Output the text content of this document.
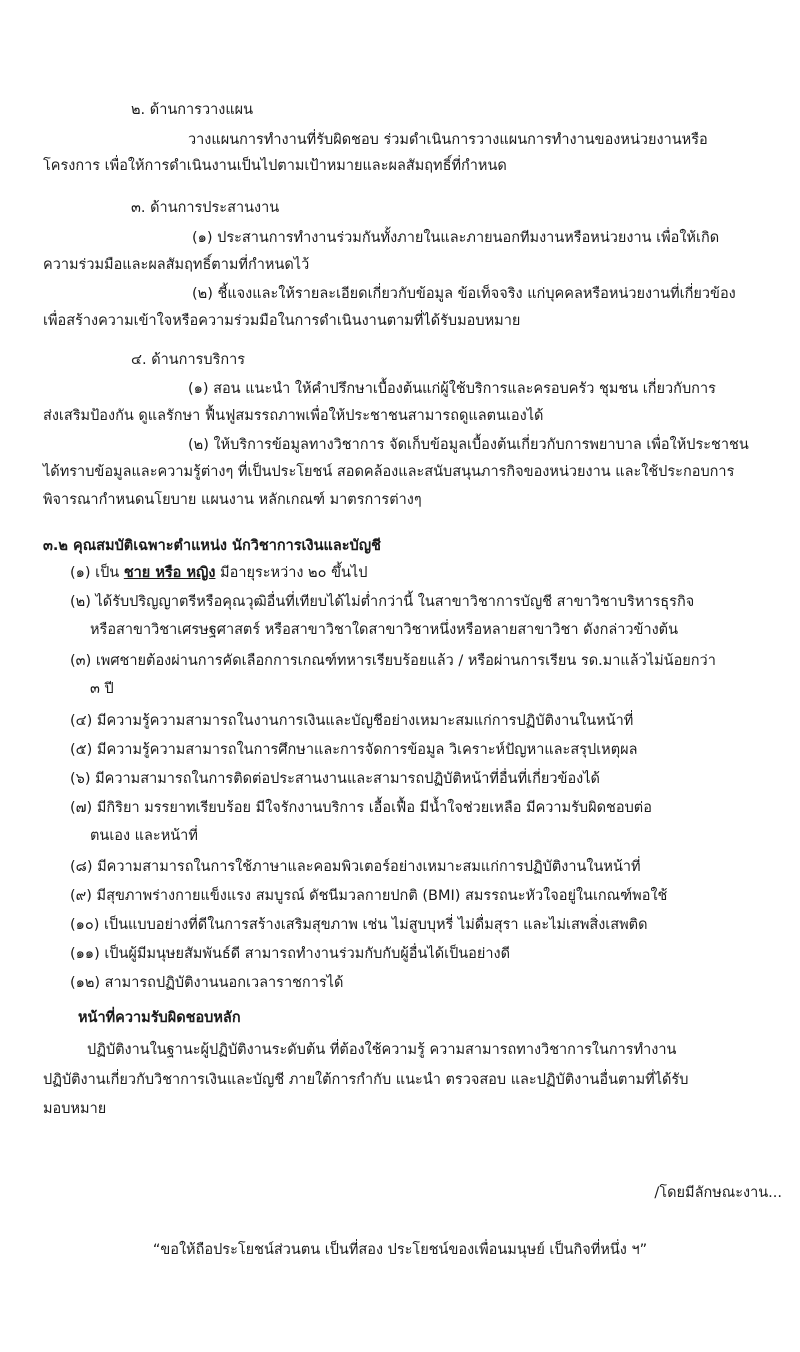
๒. ด้านการวางแผน
วางแผนการทำงานที่รับผิดชอบ ร่วมดำเนินการวางแผนการทำงานของหน่วยงานหรือ
โครงการ เพื่อให้การดำเนินงานเป็นไปตามเป้าหมายและผลสัมฤทธิ์ที่กำหนด
๓. ด้านการประสานงาน
(๑) ประสานการทำงานร่วมกันทั้งภายในและภายนอกทีมงานหรือหน่วยงาน เพื่อให้เกิด
ความร่วมมือและผลสัมฤทธิ์ตามที่กำหนดไว้
(๒) ชี้แจงและให้รายละเอียดเกี่ยวกับข้อมูล ข้อเท็จจริง แก่บุคคลหรือหน่วยงานที่เกี่ยวข้อง
เพื่อสร้างความเข้าใจหรือความร่วมมือในการดำเนินงานตามที่ได้รับมอบหมาย
๔. ด้านการบริการ
(๑) สอน แนะนำ ให้คำปรึกษาเบื้องต้นแก่ผู้ใช้บริการและครอบครัว ชุมชน เกี่ยวกับการ
ส่งเสริมป้องกัน ดูแลรักษา ฟื้นฟูสมรรถภาพเพื่อให้ประชาชนสามารถดูแลตนเองได้
(๒) ให้บริการข้อมูลทางวิชาการ จัดเก็บข้อมูลเบื้องต้นเกี่ยวกับการพยาบาล เพื่อให้ประชาชน
ได้ทราบข้อมูลและความรู้ต่างๆ ที่เป็นประโยชน์ สอดคล้องและสนับสนุนภารกิจของหน่วยงาน และใช้ประกอบการ
พิจารณากำหนดนโยบาย แผนงาน หลักเกณฑ์ มาตรการต่างๆ
๓.๒ คุณสมบัติเฉพาะตำแหน่ง นักวิชาการเงินและบัญชี
(๑) เป็น ชาย หรือ หญิง มีอายุระหว่าง ๒๐ ขึ้นไป
(๒) ได้รับปริญญาตรีหรือคุณวุฒิอื่นที่เทียบได้ไม่ต่ำกว่านี้ ในสาขาวิชาการบัญชี สาขาวิชาบริหารธุรกิจ
หรือสาขาวิชาเศรษฐศาสตร์ หรือสาขาวิชาใดสาขาวิชาหนึ่งหรือหลายสาขาวิชา ดังกล่าวข้างต้น
(๓) เพศชายต้องผ่านการคัดเลือกการเกณฑ์ทหารเรียบร้อยแล้ว / หรือผ่านการเรียน รด.มาแล้วไม่น้อยกว่า
๓ ปี
(๔) มีความรู้ความสามารถในงานการเงินและบัญชีอย่างเหมาะสมแก่การปฏิบัติงานในหน้าที่
(๕) มีความรู้ความสามารถในการศึกษาและการจัดการข้อมูล วิเคราะห์ปัญหาและสรุปเหตุผล
(๖) มีความสามารถในการติดต่อประสานงานและสามารถปฏิบัติหน้าที่อื่นที่เกี่ยวข้องได้
(๗) มีกิริยา มรรยาทเรียบร้อย มีใจรักงานบริการ เอื้อเฟื้อ มีน้ำใจช่วยเหลือ มีความรับผิดชอบต่อ
ตนเอง และหน้าที่
(๘) มีความสามารถในการใช้ภาษาและคอมพิวเตอร์อย่างเหมาะสมแก่การปฏิบัติงานในหน้าที่
(๙) มีสุขภาพร่างกายแข็งแรง สมบูรณ์ ดัชนีมวลกายปกติ (BMI) สมรรถนะหัวใจอยู่ในเกณฑ์พอใช้
(๑๐) เป็นแบบอย่างที่ดีในการสร้างเสริมสุขภาพ เช่น ไม่สูบบุหรี่ ไม่ดื่มสุรา และไม่เสพสิ่งเสพติด
(๑๑) เป็นผู้มีมนุษยสัมพันธ์ดี สามารถทำงานร่วมกับกับผู้อื่นได้เป็นอย่างดี
(๑๒) สามารถปฏิบัติงานนอกเวลาราชการได้
หน้าที่ความรับผิดชอบหลัก
ปฏิบัติงานในฐานะผู้ปฏิบัติงานระดับต้น ที่ต้องใช้ความรู้ ความสามารถทางวิชาการในการทำงาน
ปฏิบัติงานเกี่ยวกับวิชาการเงินและบัญชี ภายใต้การกำกับ แนะนำ ตรวจสอบ และปฏิบัติงานอื่นตามที่ได้รับ
มอบหมาย
/โดยมีลักษณะงาน...
“ขอให้ถือประโยชน์ส่วนตน เป็นที่สอง ประโยชน์ของเพื่อนมนุษย์ เป็นกิจที่หนึ่ง ฯ”
